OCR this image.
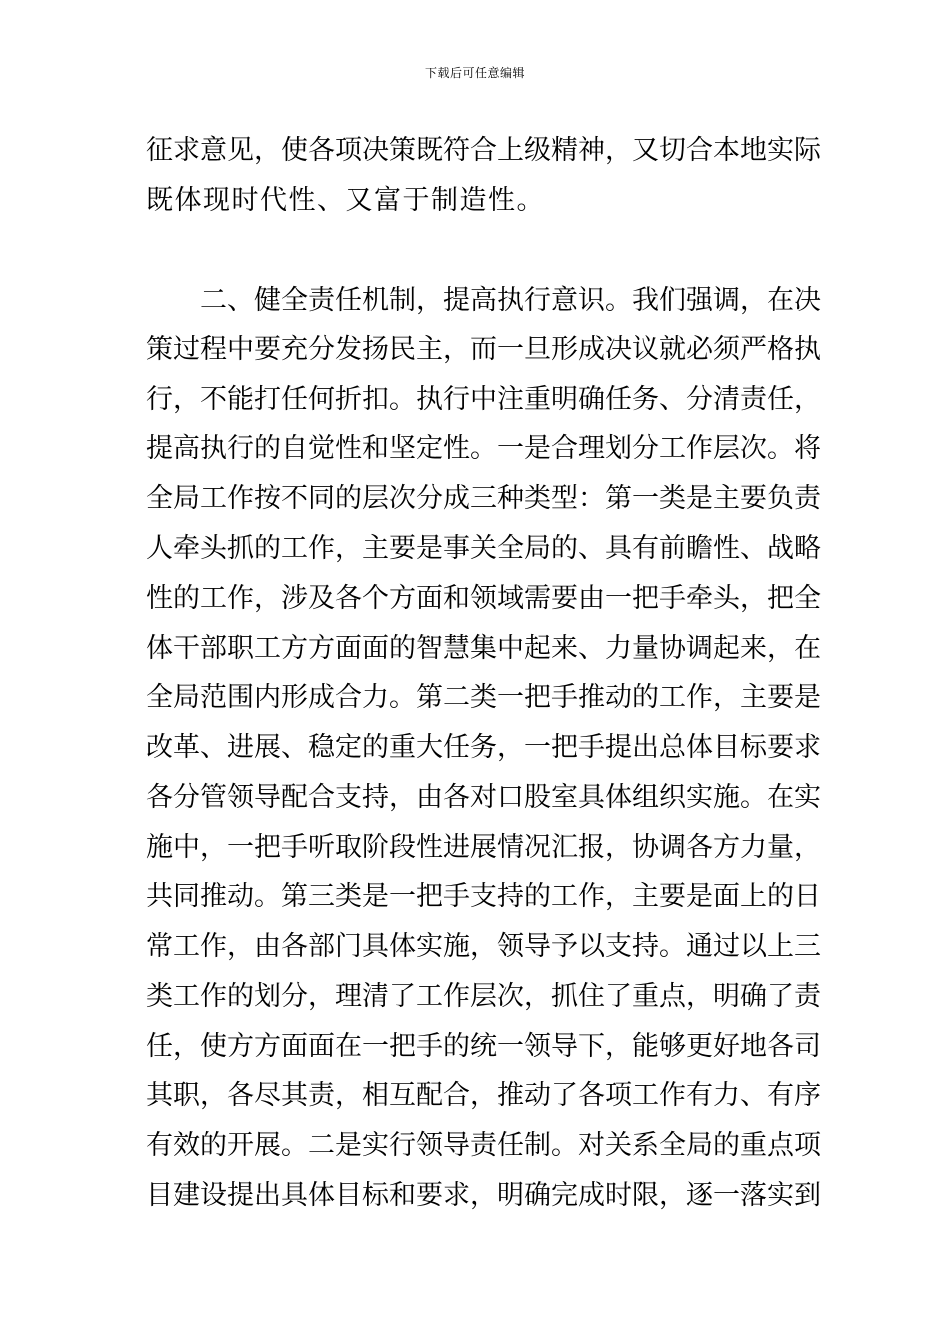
下载后可任意编辑
征求意见，使各项决策既符合上级精神，又切合本地实际
既体现时代性、又富于制造性。
二、健全责任机制，提高执行意识。我们强调，在决
策过程中要充分发扬民主，而一旦形成决议就必须严格执
行，不能打任何折扣。执行中注重明确任务、分清责任，
提高执行的自觉性和坚定性。一是合理划分工作层次。将
全局工作按不同的层次分成三种类型：第一类是主要负责
人牵头抓的工作，主要是事关全局的、具有前瞻性、战略
性的工作，涉及各个方面和领域需要由一把手牵头，把全
体干部职工方方面面的智慧集中起来、力量协调起来，在
全局范围内形成合力。第二类一把手推动的工作，主要是
改革、进展、稳定的重大任务，一把手提出总体目标要求
各分管领导配合支持，由各对口股室具体组织实施。在实
施中，一把手听取阶段性进展情况汇报，协调各方力量，
共同推动。第三类是一把手支持的工作，主要是面上的日
常工作，由各部门具体实施，领导予以支持。通过以上三
类工作的划分，理清了工作层次，抓住了重点，明确了责
任，使方方面面在一把手的统一领导下，能够更好地各司
其职，各尽其责，相互配合，推动了各项工作有力、有序
有效的开展。二是实行领导责任制。对关系全局的重点项
目建设提出具体目标和要求，明确完成时限，逐一落实到
